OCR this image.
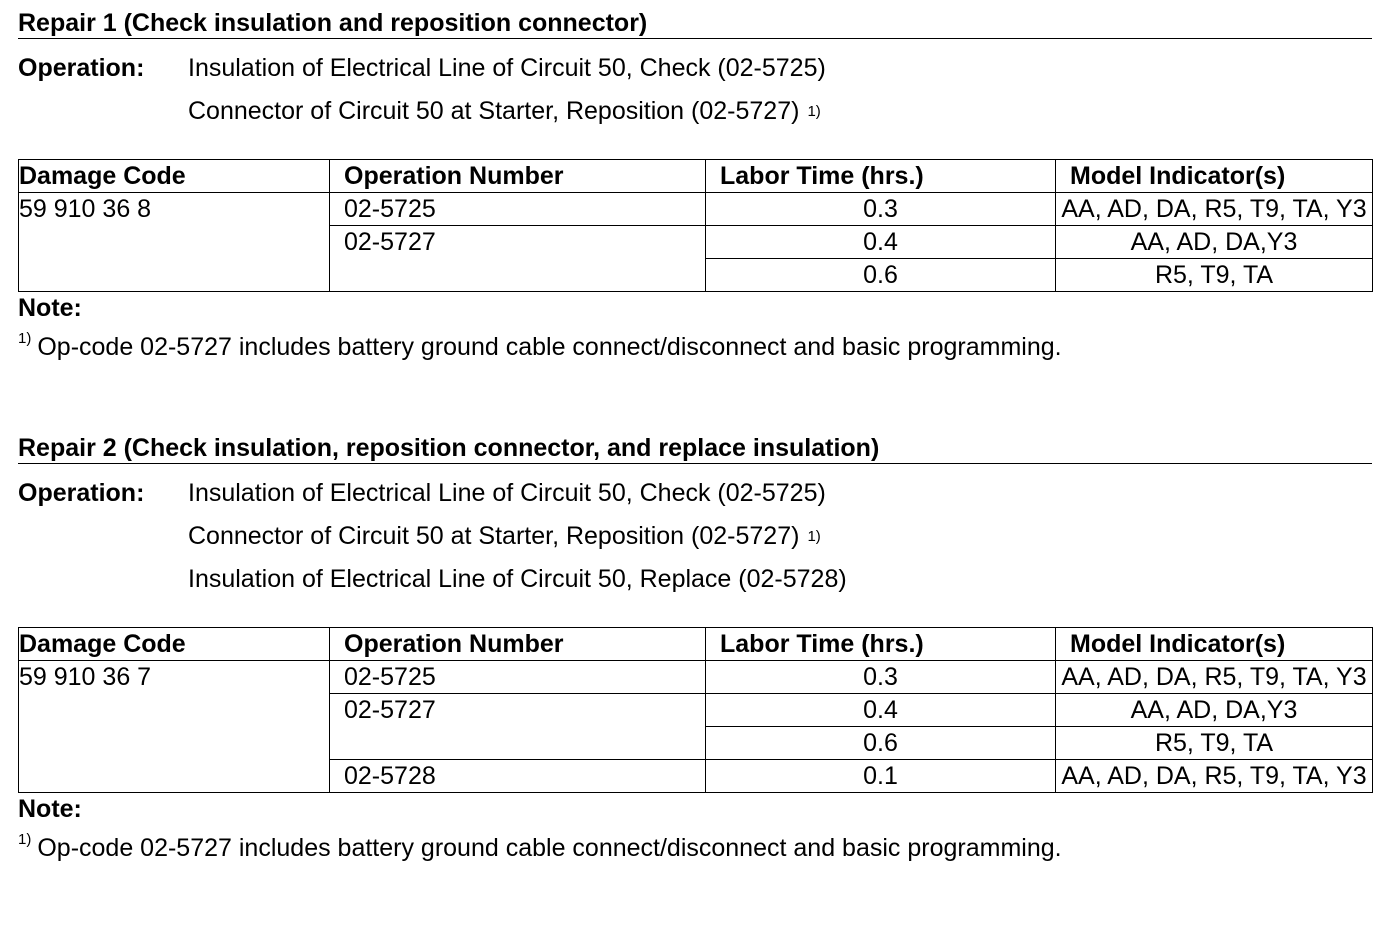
Repair 1 (Check insulation and reposition connector)
Operation:	Insulation of Electrical Line of Circuit 50, Check (02-5725)
Connector of Circuit 50 at Starter, Reposition (02-5727) 1)
Damage Code	Operation Number	Labor Time (hrs.)	Model Indicator(s)
59 910 36 8	02-5725	0.3	AA, AD, DA, R5, T9, TA, Y3
	02-5727	0.4	AA, AD, DA,Y3
		0.6	R5, T9, TA
Note:
$^{1)}$ Op-code 02-5727 includes battery ground cable connect/disconnect and basic programming.
Repair 2 (Check insulation, reposition connector, and replace insulation)
Operation:	Insulation of Electrical Line of Circuit 50, Check (02-5725)
Connector of Circuit 50 at Starter, Reposition (02-5727) 1)
Insulation of Electrical Line of Circuit 50, Replace (02-5728)
Damage Code	Operation Number	Labor Time (hrs.)	Model Indicator(s)
59 910 36 7	02-5725	0.3	AA, AD, DA, R5, T9, TA, Y3
	02-5727	0.4	AA, AD, DA,Y3
		0.6	R5, T9, TA
	02-5728	0.1	AA, AD, DA, R5, T9, TA, Y3
Note:
$^{1)}$ Op-code 02-5727 includes battery ground cable connect/disconnect and basic programming.
